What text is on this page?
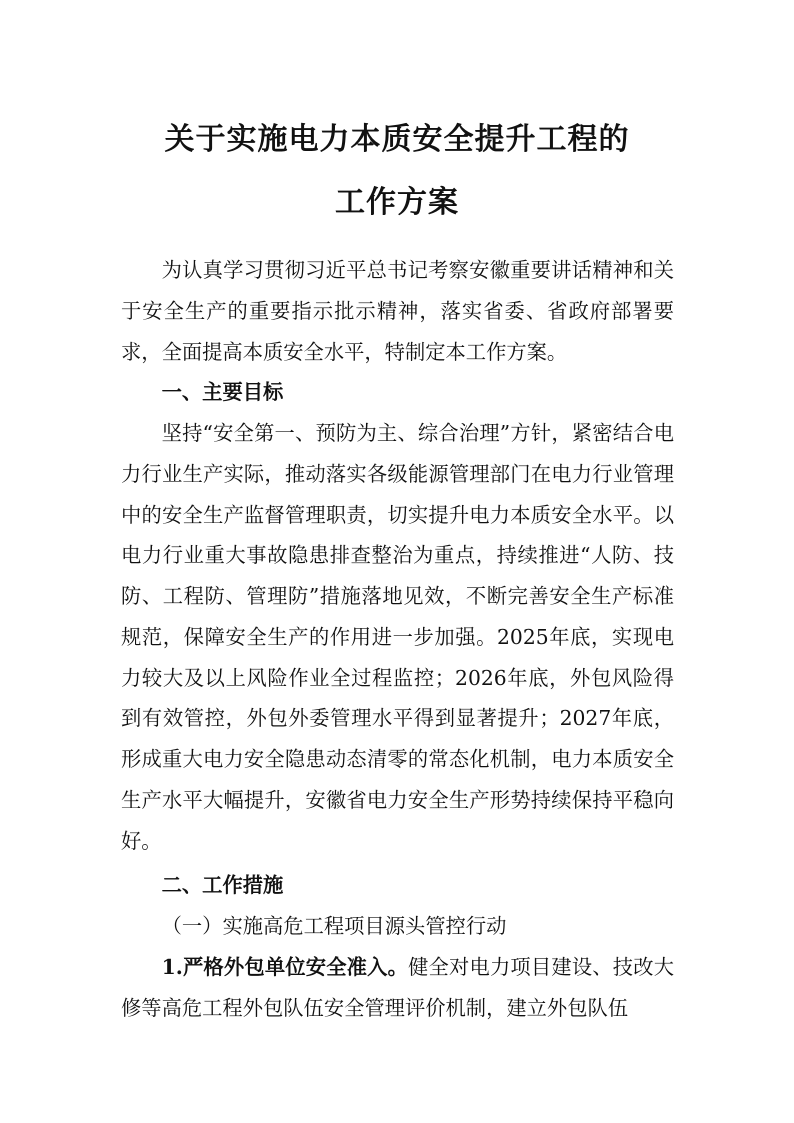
关于实施电力本质安全提升工程的
工作方案

为认真学习贯彻习近平总书记考察安徽重要讲话精神和关于安全生产的重要指示批示精神，落实省委、省政府部署要求，全面提高本质安全水平，特制定本工作方案。

一、主要目标

坚持“安全第一、预防为主、综合治理”方针，紧密结合电力行业生产实际，推动落实各级能源管理部门在电力行业管理中的安全生产监督管理职责，切实提升电力本质安全水平。以电力行业重大事故隐患排查整治为重点，持续推进“人防、技防、工程防、管理防”措施落地见效，不断完善安全生产标准规范，保障安全生产的作用进一步加强。2025年底，实现电力较大及以上风险作业全过程监控；2026年底，外包风险得到有效管控，外包外委管理水平得到显著提升；2027年底，形成重大电力安全隐患动态清零的常态化机制，电力本质安全生产水平大幅提升，安徽省电力安全生产形势持续保持平稳向好。

二、工作措施

（一）实施高危工程项目源头管控行动

1.严格外包单位安全准入。健全对电力项目建设、技改大修等高危工程外包队伍安全管理评价机制，建立外包队伍
